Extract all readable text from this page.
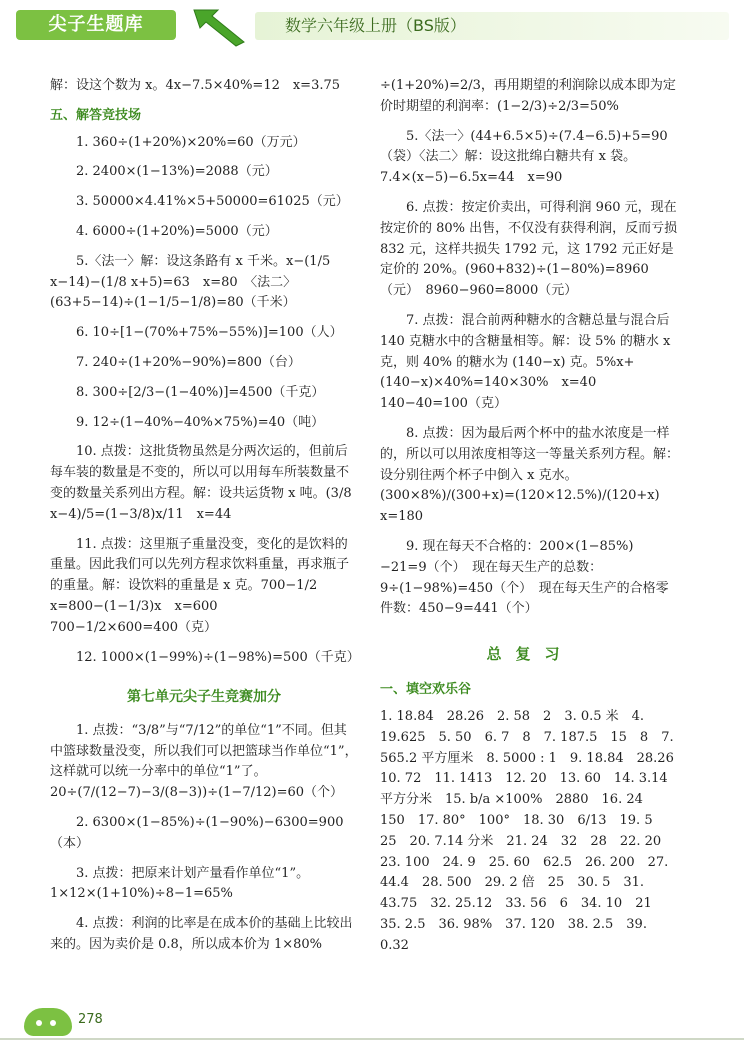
尖子生题库	数学六年级上册（BS版）

解：设这个数为 x。4x−7.5×40%=12　x=3.75

五、解答竞技场

1. 360÷(1+20%)×20%=60（万元）

2. 2400×(1−13%)=2088（元）

3. 50000×4.41%×5+50000=61025（元）

4. 6000÷(1+20%)=5000（元）

5.〈法一〉解：设这条路有 x 千米。x−(1/5 x−14)−(1/8 x+5)=63　x=80　〈法二〉(63+5−14)÷(1−1/5−1/8)=80（千米）

6. 10÷[1−(70%+75%−55%)]=100（人）

7. 240÷(1+20%−90%)=800（台）

8. 300÷[2/3−(1−40%)]=4500（千克）

9. 12÷(1−40%−40%×75%)=40（吨）

10. 点拨：这批货物虽然是分两次运的，但前后每车装的数量是不变的，所以可以用每车所装数量不变的数量关系列出方程。解：设共运货物 x 吨。(3/8 x−4)/5=(1−3/8)x/11　x=44

11. 点拨：这里瓶子重量没变，变化的是饮料的重量。因此我们可以先列方程求饮料重量，再求瓶子的重量。解：设饮料的重量是 x 克。700−1/2 x=800−(1−1/3)x　x=600　700−1/2×600=400（克）

12. 1000×(1−99%)÷(1−98%)=500（千克）

第七单元尖子生竞赛加分

1. 点拨：“3/8”与“7/12”的单位“1”不同。但其中篮球数量没变，所以我们可以把篮球当作单位“1”，这样就可以统一分率中的单位“1”了。20÷(7/(12−7)−3/(8−3))÷(1−7/12)=60（个）

2. 6300×(1−85%)÷(1−90%)−6300=900（本）

3. 点拨：把原来计划产量看作单位“1”。1×12×(1+10%)÷8−1=65%

4. 点拨：利润的比率是在成本价的基础上比较出来的。因为卖价是 0.8，所以成本价为 1×80%

÷(1+20%)=2/3，再用期望的利润除以成本即为定价时期望的利润率：(1−2/3)÷2/3=50%

5.〈法一〉(44+6.5×5)÷(7.4−6.5)+5=90（袋）〈法二〉解：设这批绵白糖共有 x 袋。7.4×(x−5)−6.5x=44　x=90

6. 点拨：按定价卖出，可得利润 960 元，现在按定价的 80% 出售，不仅没有获得利润，反而亏损 832 元，这样共损失 1792 元，这 1792 元正好是定价的 20%。(960+832)÷(1−80%)=8960（元）　8960−960=8000（元）

7. 点拨：混合前两种糖水的含糖总量与混合后 140 克糖水中的含糖量相等。解：设 5% 的糖水 x 克，则 40% 的糖水为 (140−x) 克。5%x+(140−x)×40%=140×30%　x=40　140−40=100（克）

8. 点拨：因为最后两个杯中的盐水浓度是一样的，所以可以用浓度相等这一等量关系列方程。解：设分别往两个杯子中倒入 x 克水。(300×8%)/(300+x)=(120×12.5%)/(120+x)　x=180

9. 现在每天不合格的：200×(1−85%)−21=9（个）　现在每天生产的总数：9÷(1−98%)=450（个）　现在每天生产的合格零件数：450−9=441（个）

总复习
一、填空欢乐谷

1. 18.84　28.26　2. 58　2　3. 0.5 米　4. 19.625　5. 50　6. 7　8　7. 187.5　15　8　7. 565.2 平方厘米　8. 5000 : 1　9. 18.84　28.26　10. 72　11. 1413　12. 20　13. 60　14. 3.14 平方分米　15. b/a ×100%　2880　16. 24　150　17. 80°　100°　18. 30　6/13　19. 5　25　20. 7.14 分米　21. 24　32　28　22. 20　23. 100　24. 9　25. 60　62.5　26. 200　27. 44.4　28. 500　29. 2 倍　25　30. 5　31. 43.75　32. 25.12　33. 56　6　34. 10　21　35. 2.5　36. 98%　37. 120　38. 2.5　39. 0.32

278
